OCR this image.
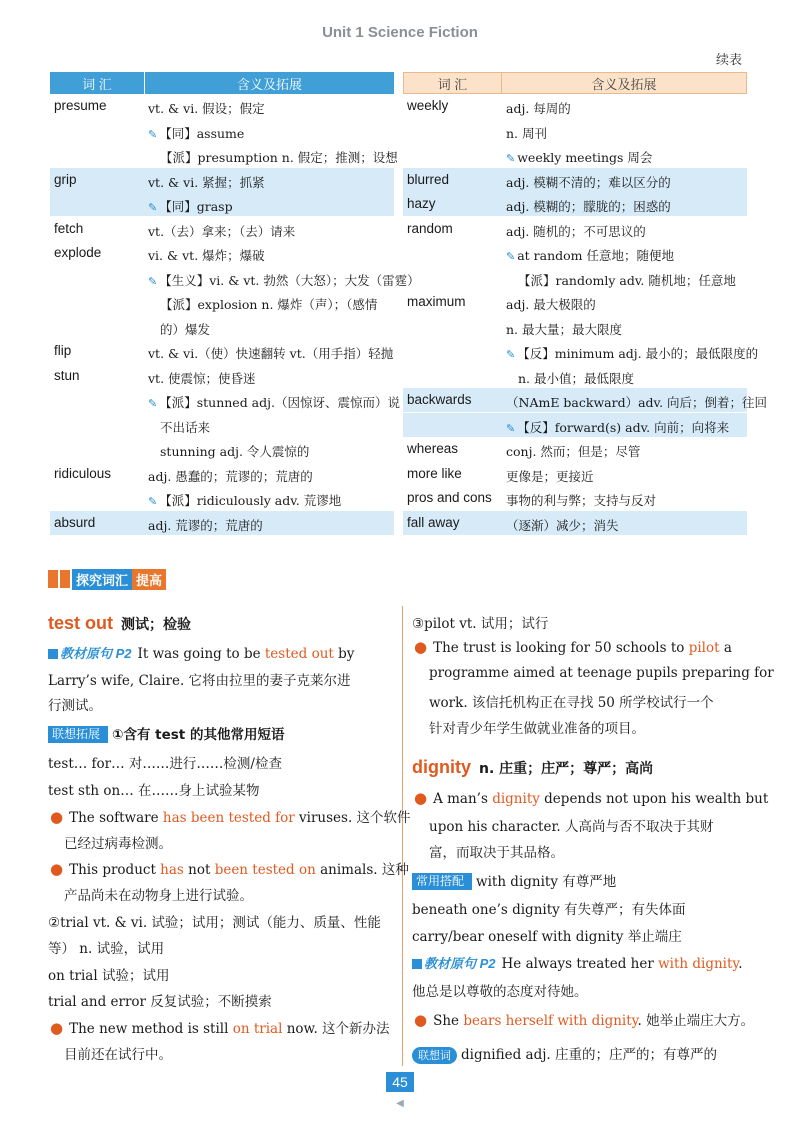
Unit 1 Science Fiction
续表
词 汇	含义及拓展
presume	vt. & vi. 假设；假定
✎ 【同】assume
【派】presumption n. 假定；推测；设想
grip	vt. & vi. 紧握；抓紧
✎ 【同】grasp
fetch	vt.（去）拿来；（去）请来
explode	vi. & vt. 爆炸；爆破
✎ 【生义】vi. & vt. 勃然（大怒）；大发（雷霆）
【派】explosion n. 爆炸（声）；（感情
的）爆发
flip	vt. & vi.（使）快速翻转 vt.（用手指）轻抛
stun	vt. 使震惊；使昏迷
✎ 【派】stunned adj.（因惊讶、震惊而）说
不出话来
stunning adj. 令人震惊的
ridiculous	adj. 愚蠢的；荒谬的；荒唐的
✎ 【派】ridiculously adv. 荒谬地
absurd	adj. 荒谬的；荒唐的
词 汇	含义及拓展
weekly	adj. 每周的
n. 周刊
✎ weekly meetings 周会
blurred	adj. 模糊不清的；难以区分的
hazy	adj. 模糊的；朦胧的；困惑的
random	adj. 随机的；不可思议的
✎ at random 任意地；随便地
【派】randomly adv. 随机地；任意地
maximum	adj. 最大极限的
n. 最大量；最大限度
✎ 【反】minimum adj. 最小的；最低限度的
n. 最小值；最低限度
backwards	（NAmE backward）adv. 向后；倒着；往回
✎ 【反】forward(s) adv. 向前；向将来
whereas	conj. 然而；但是；尽管
more like	更像是；更接近
pros and cons 事物的利与弊；支持与反对
fall away	（逐渐）减少；消失
探究词汇 提高
test out 测试；检验
教材原句 P2 It was going to be tested out by
Larry’s wife, Claire. 它将由拉里的妻子克莱尔进
行测试。
联想拓展 ①含有 test 的其他常用短语
test… for… 对……进行……检测/检查
test sth on… 在……身上试验某物
● The software has been tested for viruses. 这个软件
已经过病毒检测。
● This product has not been tested on animals. 这种
产品尚未在动物身上进行试验。
②trial vt. & vi. 试验；试用；测试（能力、质量、性能
等） n. 试验，试用
on trial 试验；试用
trial and error 反复试验；不断摸索
● The new method is still on trial now. 这个新办法
目前还在试行中。
③pilot vt. 试用；试行
● The trust is looking for 50 schools to pilot a
programme aimed at teenage pupils preparing for
work. 该信托机构正在寻找 50 所学校试行一个
针对青少年学生做就业准备的项目。
dignity n. 庄重；庄严；尊严；高尚
● A man’s dignity depends not upon his wealth but
upon his character. 人高尚与否不取决于其财
富，而取决于其品格。
常用搭配 with dignity 有尊严地
beneath one’s dignity 有失尊严；有失体面
carry/bear oneself with dignity 举止端庄
教材原句 P2 He always treated her with dignity.
他总是以尊敬的态度对待她。
● She bears herself with dignity. 她举止端庄大方。
联想词 dignified adj. 庄重的；庄严的；有尊严的
45
◀
